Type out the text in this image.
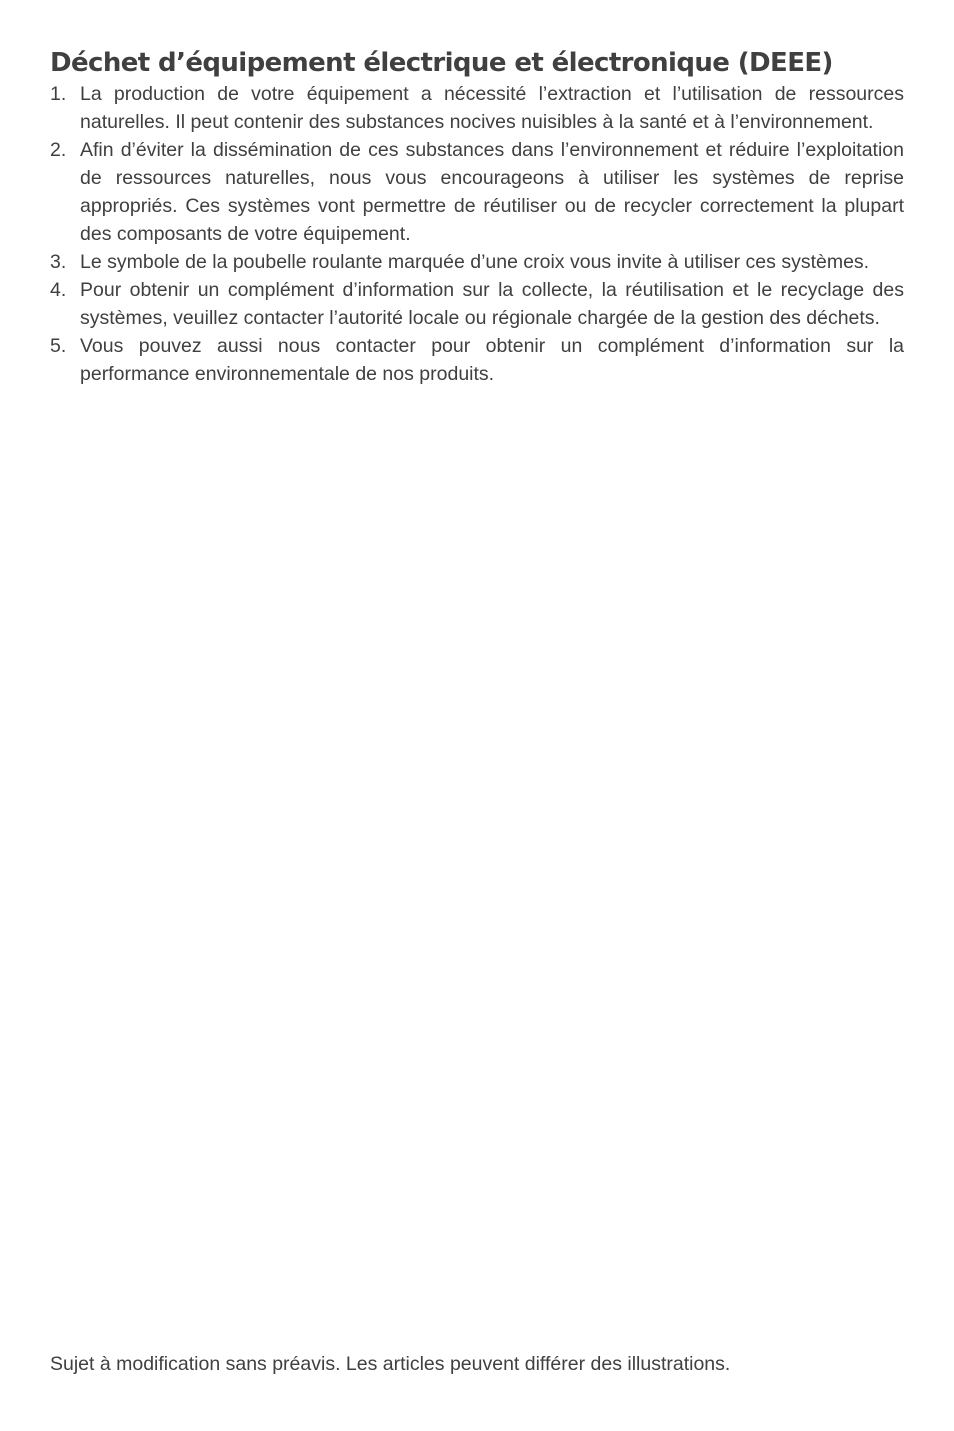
Déchet d’équipement électrique et électronique (DEEE)
1. La production de votre équipement a nécessité l’extraction et l’utilisation de ressources naturelles. Il peut contenir des substances nocives nuisibles à la santé et à l’environnement.
2. Afin d’éviter la dissémination de ces substances dans l’environnement et réduire l’exploitation de ressources naturelles, nous vous encourageons à utiliser les systèmes de reprise appropriés. Ces systèmes vont permettre de réutiliser ou de recycler correctement la plupart des composants de votre équipement.
3. Le symbole de la poubelle roulante marquée d’une croix vous invite à utiliser ces systèmes.
4. Pour obtenir un complément d’information sur la collecte, la réutilisation et le recyclage des systèmes, veuillez contacter l’autorité locale ou régionale chargée de la gestion des déchets.
5. Vous pouvez aussi nous contacter pour obtenir un complément d’information sur la performance environnementale de nos produits.
Sujet à modification sans préavis. Les articles peuvent différer des illustrations.
